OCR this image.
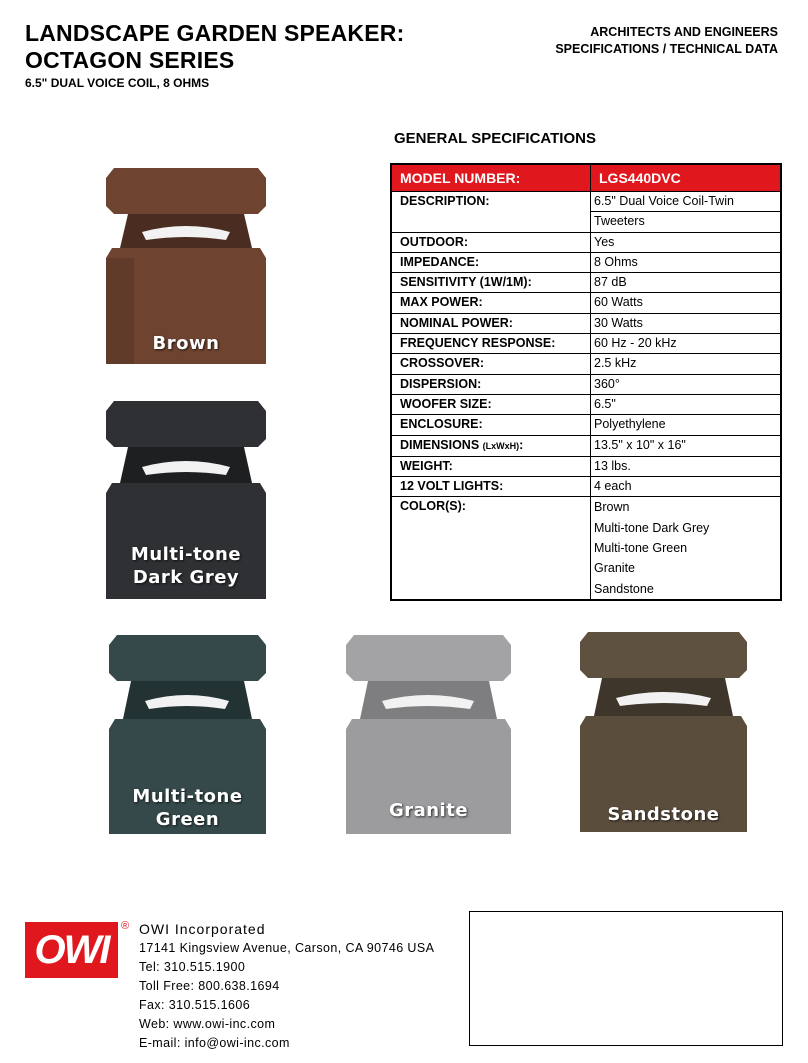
LANDSCAPE GARDEN SPEAKER:
OCTAGON SERIES
6.5" DUAL VOICE COIL, 8 OHMS
ARCHITECTS AND ENGINEERS
SPECIFICATIONS / TECHNICAL DATA
GENERAL SPECIFICATIONS
MODEL NUMBER:	LGS440DVC
DESCRIPTION:	6.5" Dual Voice Coil-Twin
Tweeters

OUTDOOR:	Yes
IMPEDANCE:	8 Ohms
SENSITIVITY (1W/1M):	87 dB
MAX POWER:	60 Watts
NOMINAL POWER:	30 Watts
FREQUENCY RESPONSE:	60 Hz - 20 kHz
CROSSOVER:	2.5 kHz
DISPERSION:	360°
WOOFER SIZE:	6.5"
ENCLOSURE:	Polyethylene
DIMENSIONS (LxWxH):	13.5" x 10" x 16"
WEIGHT:	13 lbs.
12 VOLT LIGHTS:	4 each
COLOR(S):	Brown
Multi-tone Dark Grey
Multi-tone Green
Granite
Sandstone
Brown
Multi-tone
Dark Grey
Multi-tone
Green	Granite	Sandstone
OWI
® OWI Incorporated
17141 Kingsview Avenue, Carson, CA 90746 USA
Tel: 310.515.1900
Toll Free: 800.638.1694
Fax: 310.515.1606
Web: www.owi-inc.com
E-mail: info@owi-inc.com
